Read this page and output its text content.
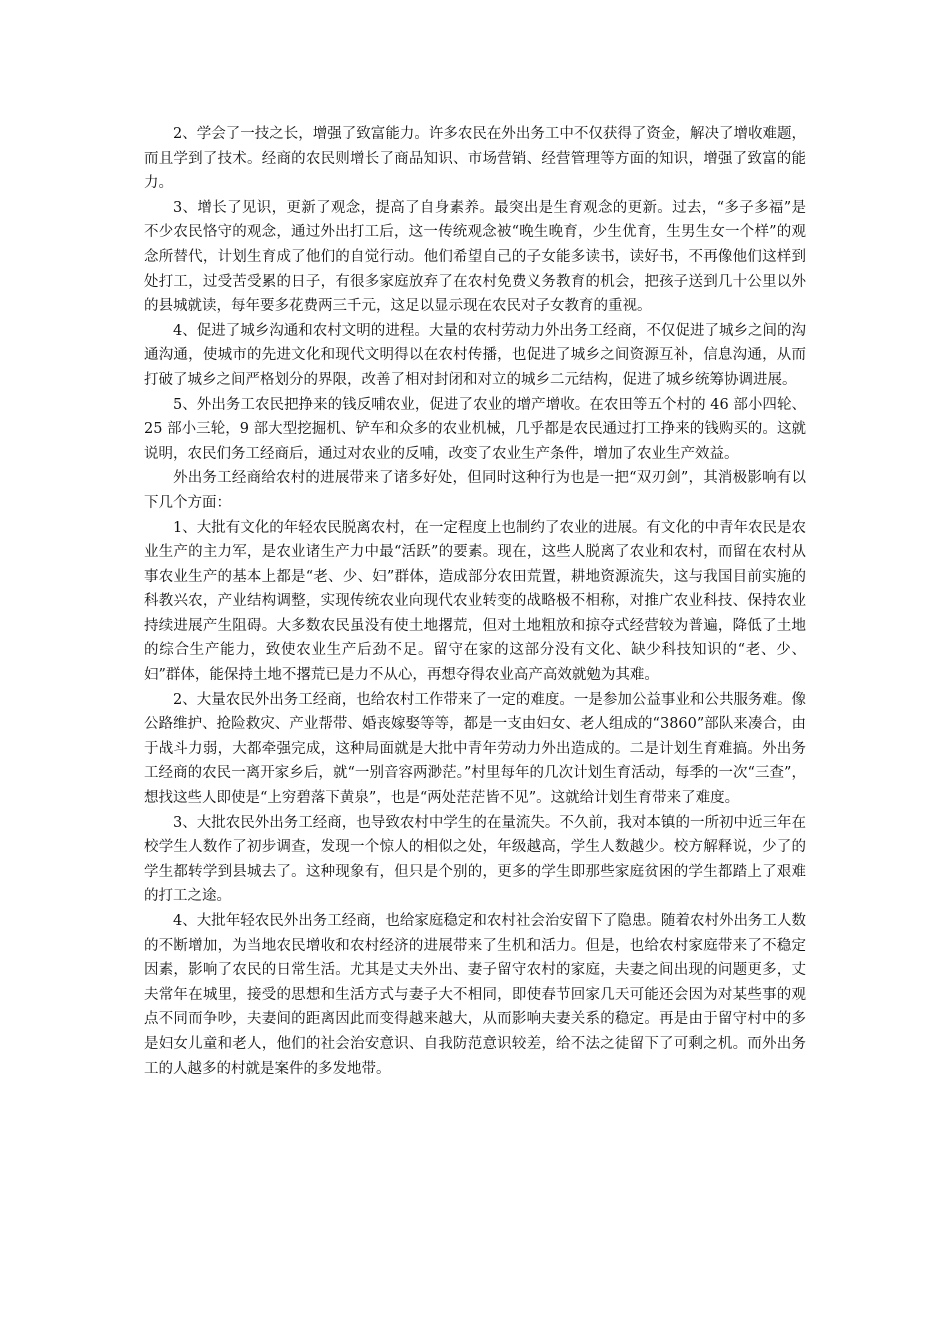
2、学会了一技之长，增强了致富能力。许多农民在外出务工中不仅获得了资金，解决了增收难题，而且学到了技术。经商的农民则增长了商品知识、市场营销、经营管理等方面的知识，增强了致富的能力。

3、增长了见识，更新了观念，提高了自身素养。最突出是生育观念的更新。过去，“多子多福”是不少农民恪守的观念，通过外出打工后，这一传统观念被“晚生晚育，少生优育，生男生女一个样”的观念所替代，计划生育成了他们的自觉行动。他们希望自己的子女能多读书，读好书，不再像他们这样到处打工，过受苦受累的日子，有很多家庭放弃了在农村免费义务教育的机会，把孩子送到几十公里以外的县城就读，每年要多花费两三千元，这足以显示现在农民对子女教育的重视。

4、促进了城乡沟通和农村文明的进程。大量的农村劳动力外出务工经商，不仅促进了城乡之间的沟通沟通，使城市的先进文化和现代文明得以在农村传播，也促进了城乡之间资源互补，信息沟通，从而打破了城乡之间严格划分的界限，改善了相对封闭和对立的城乡二元结构，促进了城乡统筹协调进展。

5、外出务工农民把挣来的钱反哺农业，促进了农业的增产增收。在农田等五个村的 46 部小四轮、25 部小三轮，9 部大型挖掘机、铲车和众多的农业机械，几乎都是农民通过打工挣来的钱购买的。这就说明，农民们务工经商后，通过对农业的反哺，改变了农业生产条件，增加了农业生产效益。

外出务工经商给农村的进展带来了诸多好处，但同时这种行为也是一把“双刃剑”，其消极影响有以下几个方面：

1、大批有文化的年轻农民脱离农村，在一定程度上也制约了农业的进展。有文化的中青年农民是农业生产的主力军，是农业诸生产力中最“活跃”的要素。现在，这些人脱离了农业和农村，而留在农村从事农业生产的基本上都是“老、少、妇”群体，造成部分农田荒置，耕地资源流失，这与我国目前实施的科教兴农，产业结构调整，实现传统农业向现代农业转变的战略极不相称，对推广农业科技、保持农业持续进展产生阻碍。大多数农民虽没有使土地撂荒，但对土地粗放和掠夺式经营较为普遍，降低了土地的综合生产能力，致使农业生产后劲不足。留守在家的这部分没有文化、缺少科技知识的“老、少、妇”群体，能保持土地不撂荒已是力不从心，再想夺得农业高产高效就勉为其难。

2、大量农民外出务工经商，也给农村工作带来了一定的难度。一是参加公益事业和公共服务难。像公路维护、抢险救灾、产业帮带、婚丧嫁娶等等，都是一支由妇女、老人组成的“3860”部队来凑合，由于战斗力弱，大都牵强完成，这种局面就是大批中青年劳动力外出造成的。二是计划生育难搞。外出务工经商的农民一离开家乡后，就“一别音容两渺茫。”村里每年的几次计划生育活动，每季的一次“三查”，想找这些人即使是“上穷碧落下黄泉”，也是“两处茫茫皆不见”。这就给计划生育带来了难度。

3、大批农民外出务工经商，也导致农村中学生的在量流失。不久前，我对本镇的一所初中近三年在校学生人数作了初步调查，发现一个惊人的相似之处，年级越高，学生人数越少。校方解释说，少了的学生都转学到县城去了。这种现象有，但只是个别的，更多的学生即那些家庭贫困的学生都踏上了艰难的打工之途。

4、大批年轻农民外出务工经商，也给家庭稳定和农村社会治安留下了隐患。随着农村外出务工人数的不断增加，为当地农民增收和农村经济的进展带来了生机和活力。但是，也给农村家庭带来了不稳定因素，影响了农民的日常生活。尤其是丈夫外出、妻子留守农村的家庭，夫妻之间出现的问题更多，丈夫常年在城里，接受的思想和生活方式与妻子大不相同，即使春节回家几天可能还会因为对某些事的观点不同而争吵，夫妻间的距离因此而变得越来越大，从而影响夫妻关系的稳定。再是由于留守村中的多是妇女儿童和老人，他们的社会治安意识、自我防范意识较差，给不法之徒留下了可剩之机。而外出务工的人越多的村就是案件的多发地带。
